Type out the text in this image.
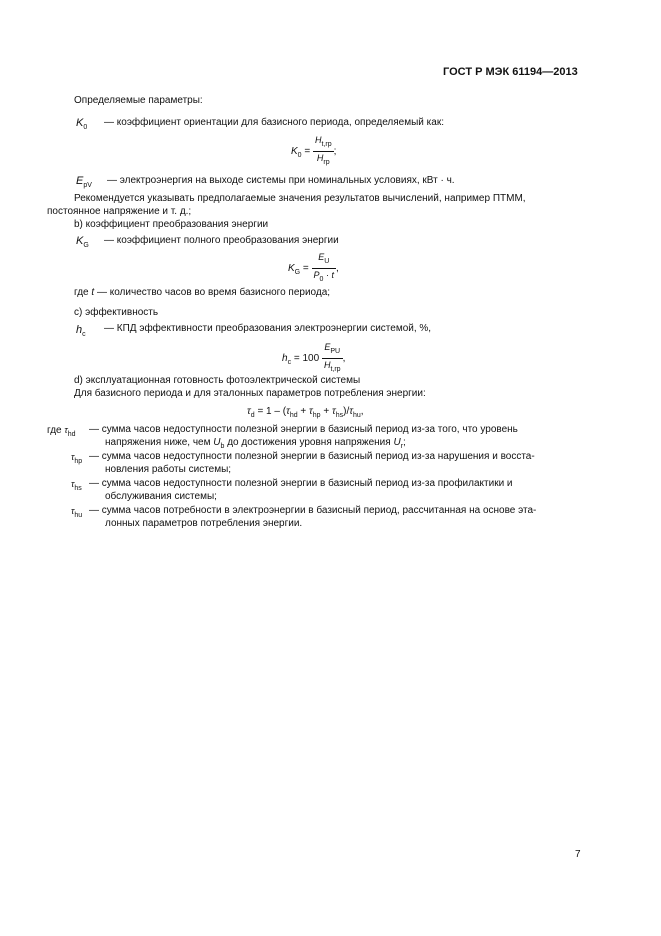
ГОСТ Р МЭК 61194—2013
Определяемые параметры:
$K_0$ — коэффициент ориентации для базисного периода, определяемый как:
$K_0 = \frac{H_{t,rp}}{H_{rp}}$ ;
$E_{pV}$ — электроэнергия на выходе системы при номинальных условиях, кВт · ч.
Рекомендуется указывать предполагаемые значения результатов вычислений, например ПТММ,
постоянное напряжение и т. д.;
b) коэффициент преобразования энергии
$K_G$ — коэффициент полного преобразования энергии
$K_G = \frac{E_U}{P_0 \cdot t}$ ,
где t — количество часов во время базисного периода;
c) эффективность
$h_c$
— КПД эффективности преобразования электроэнергии системой, %,
$h_c = 100 \frac{E_{PU}}{H_{t,rp}}$ ,
d) эксплуатационная готовность фотоэлектрической системы
Для базисного периода и для эталонных параметров потребления энергии:
$\tau_d = 1 - (\tau_{hd} + \tau_{hp} + \tau_{hs})/\tau_{hu}$,
где $\tau_{hd}$ — сумма часов недоступности полезной энергии в базисный период из-за того, что уровень
напряжения ниже, чем $U_b$ до достижения уровня напряжения $U_r$;
$\tau_{hp}$ — сумма часов недоступности полезной энергии в базисный период из-за нарушения и восста-
новления работы системы;
$\tau_{hs}$ — сумма часов недоступности полезной энергии в базисный период из-за профилактики и
обслуживания системы;
$\tau_{hu}$ — сумма часов потребности в электроэнергии в базисный период, рассчитанная на основе эта-
лонных параметров потребления энергии.
7
